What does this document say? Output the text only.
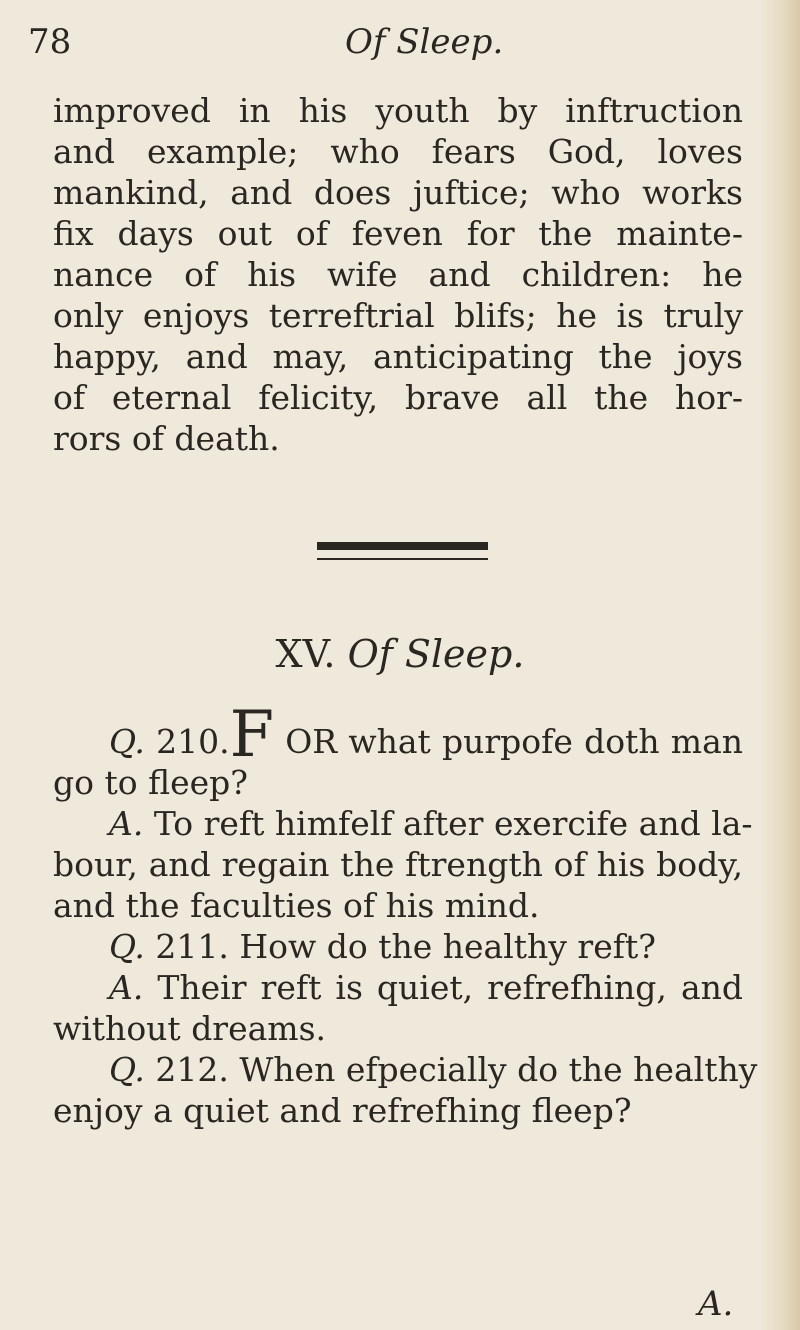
78	Of Sleep.
improved in his youth by inftruction
and example; who fears God, loves
mankind, and does juftice; who works
fix days out of feven for the mainte-
nance of his wife and children: he
only enjoys terreftrial blifs; he is truly
happy, and may, anticipating the joys
of eternal felicity, brave all the hor-
rors of death.
XV. Of Sleep.
Q. 210.F OR what purpofe doth man
go to fleep?
A. To reft himfelf after exercife and la-
bour, and regain the ftrength of his body,
and the faculties of his mind.
Q. 211. How do the healthy reft?
A. Their reft is quiet, refrefhing, and
without dreams.
Q. 212. When efpecially do the healthy
enjoy a quiet and refrefhing fleep?
A.
